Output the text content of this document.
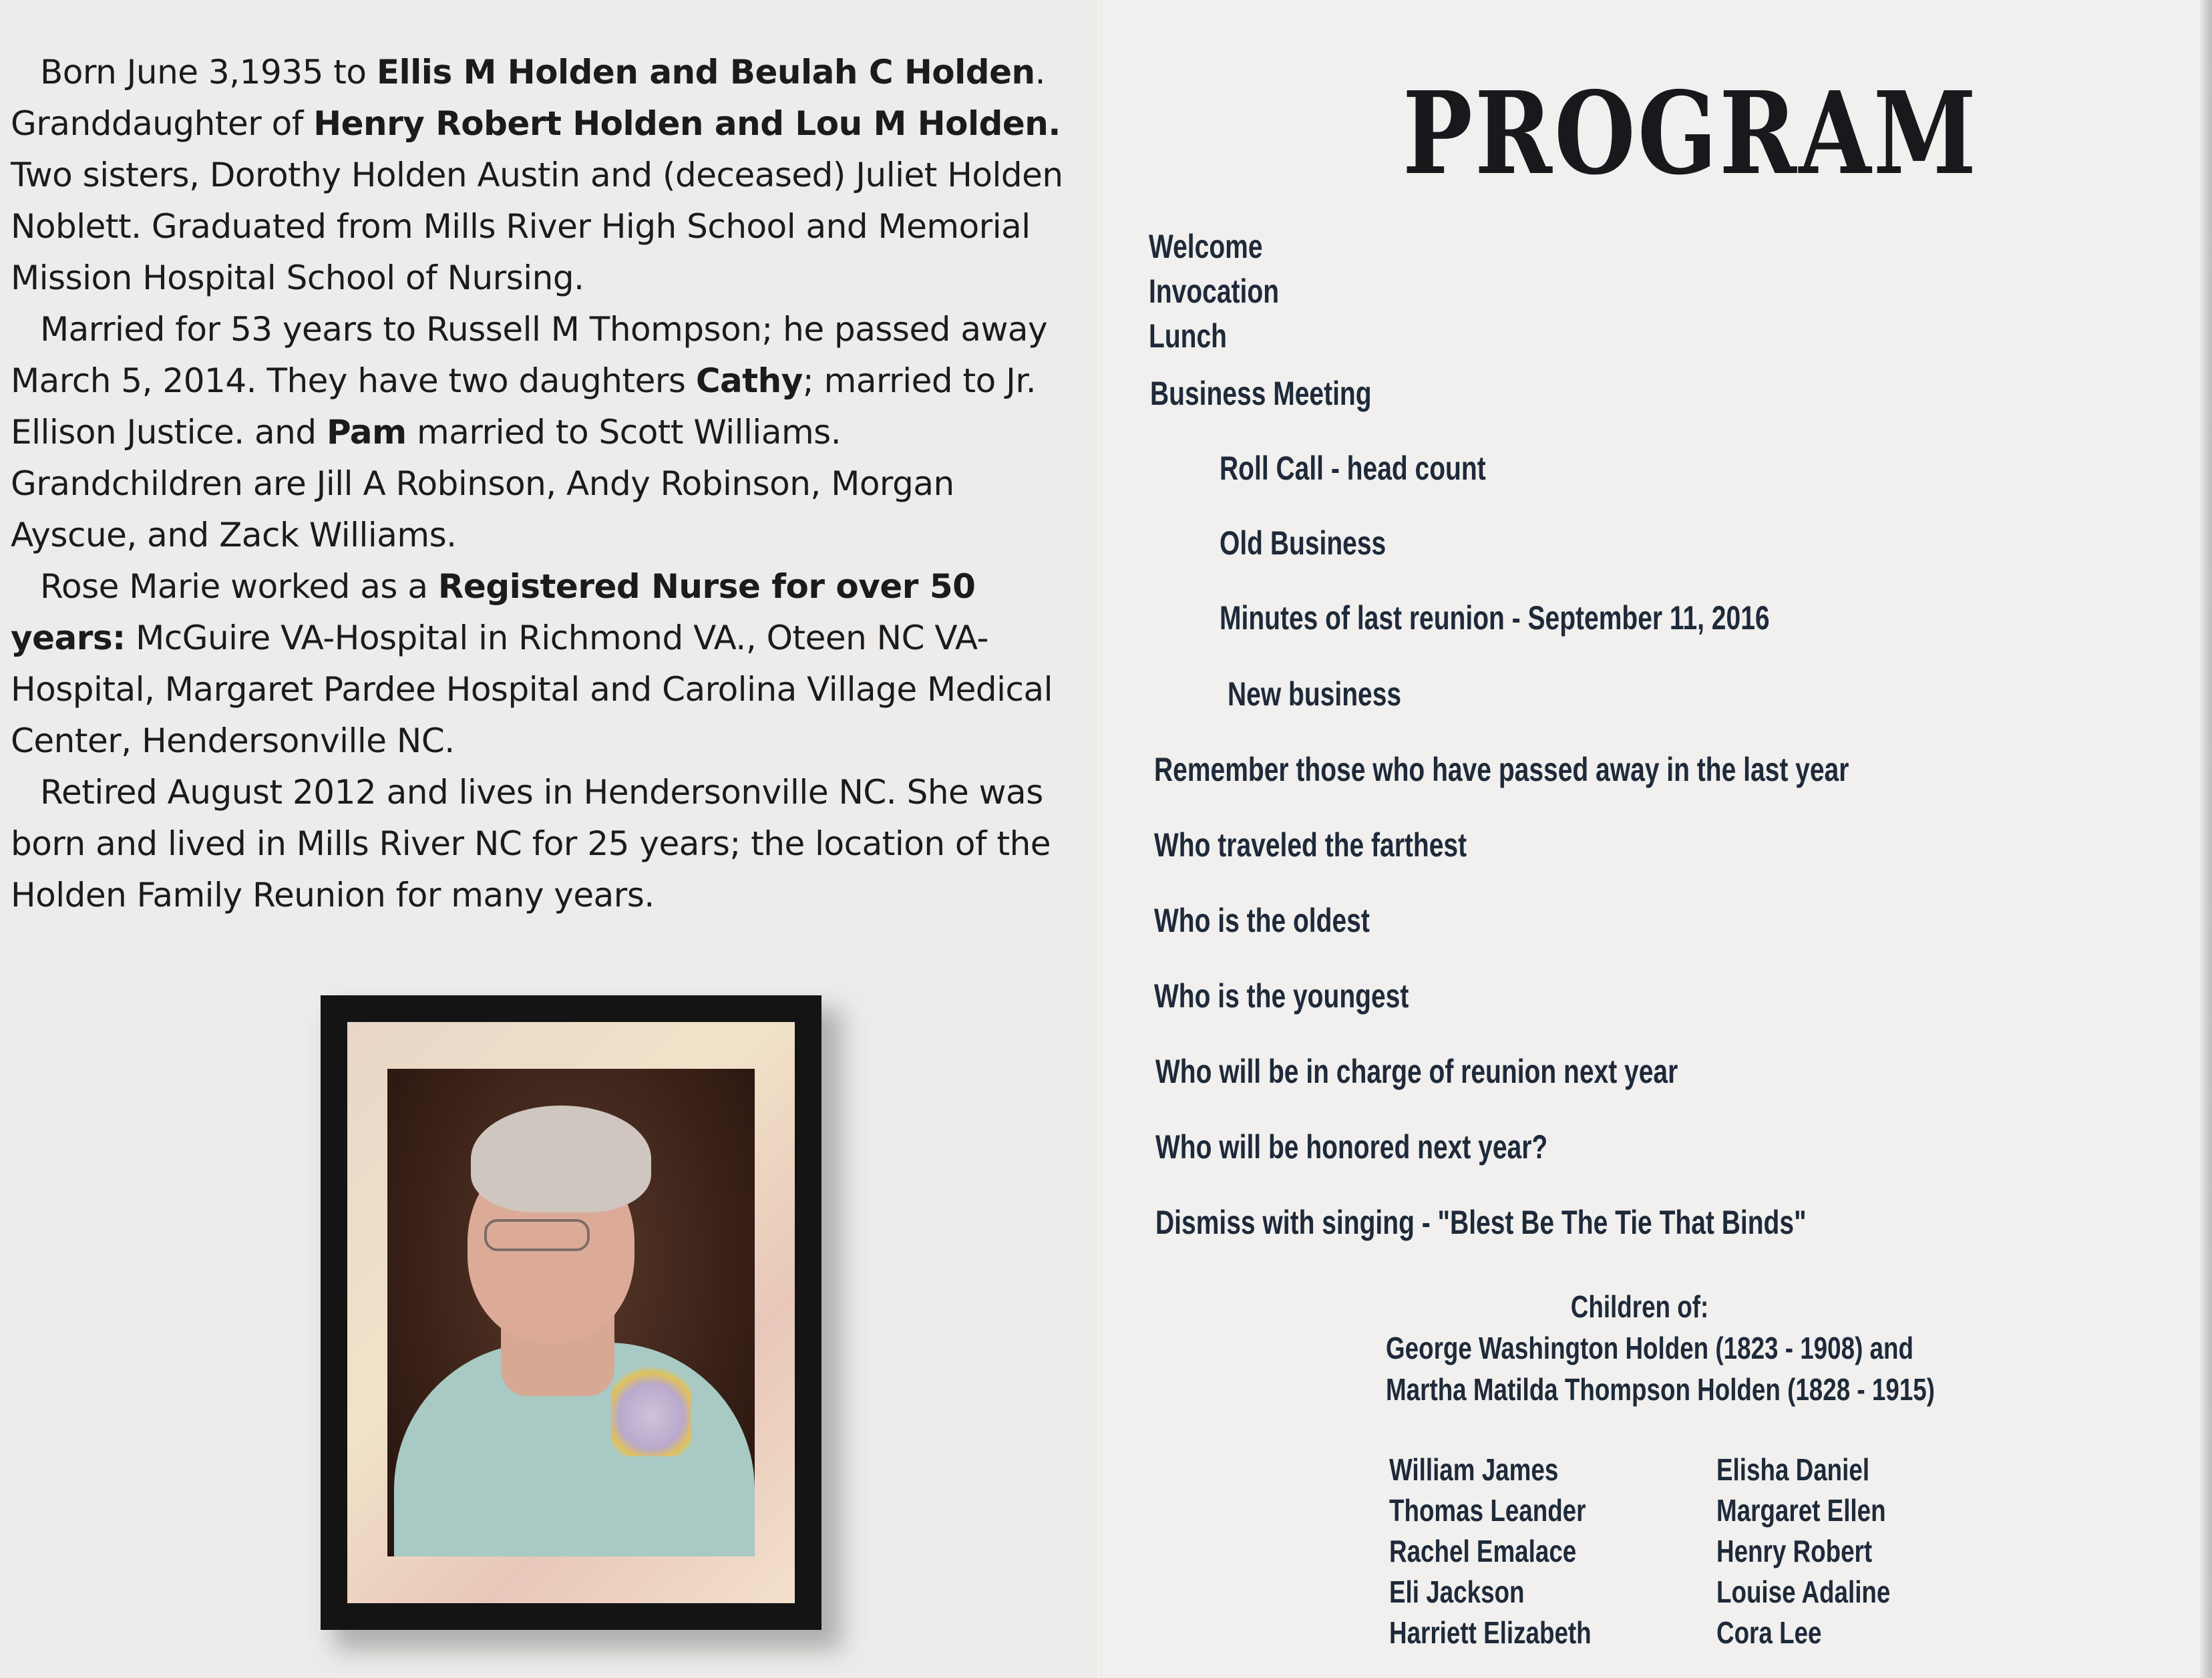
Born June 3,1935 to Ellis M Holden and Beulah C Holden. Granddaughter of Henry Robert Holden and Lou M Holden. Two sisters, Dorothy Holden Austin and (deceased) Juliet Holden Noblett. Graduated from Mills River High School and Memorial Mission Hospital School of Nursing.

Married for 53 years to Russell M Thompson; he passed away March 5, 2014. They have two daughters Cathy; married to Jr. Ellison Justice. and Pam married to Scott Williams. Grandchildren are Jill A Robinson, Andy Robinson, Morgan Ayscue, and Zack Williams.

Rose Marie worked as a Registered Nurse for over 50 years: McGuire VA-Hospital in Richmond VA., Oteen NC VA-Hospital, Margaret Pardee Hospital and Carolina Village Medical Center, Hendersonville NC.

Retired August 2012 and lives in Hendersonville NC. She was born and lived in Mills River NC for 25 years; the location of the Holden Family Reunion for many years.

PROGRAM
Welcome
Invocation
Lunch
Business Meeting
Roll Call - head count
Old Business
Minutes of last reunion - September 11, 2016
New business
Remember those who have passed away in the last year
Who traveled the farthest
Who is the oldest
Who is the youngest
Who will be in charge of reunion next year
Who will be honored next year?
Dismiss with singing - "Blest Be The Tie That Binds"
Children of:
George Washington Holden (1823 - 1908) and
Martha Matilda Thompson Holden (1828 - 1915)
William James
Thomas Leander
Rachel Emalace
Eli Jackson
Harriett Elizabeth
Elisha Daniel
Margaret Ellen
Henry Robert
Louise Adaline
Cora Lee
